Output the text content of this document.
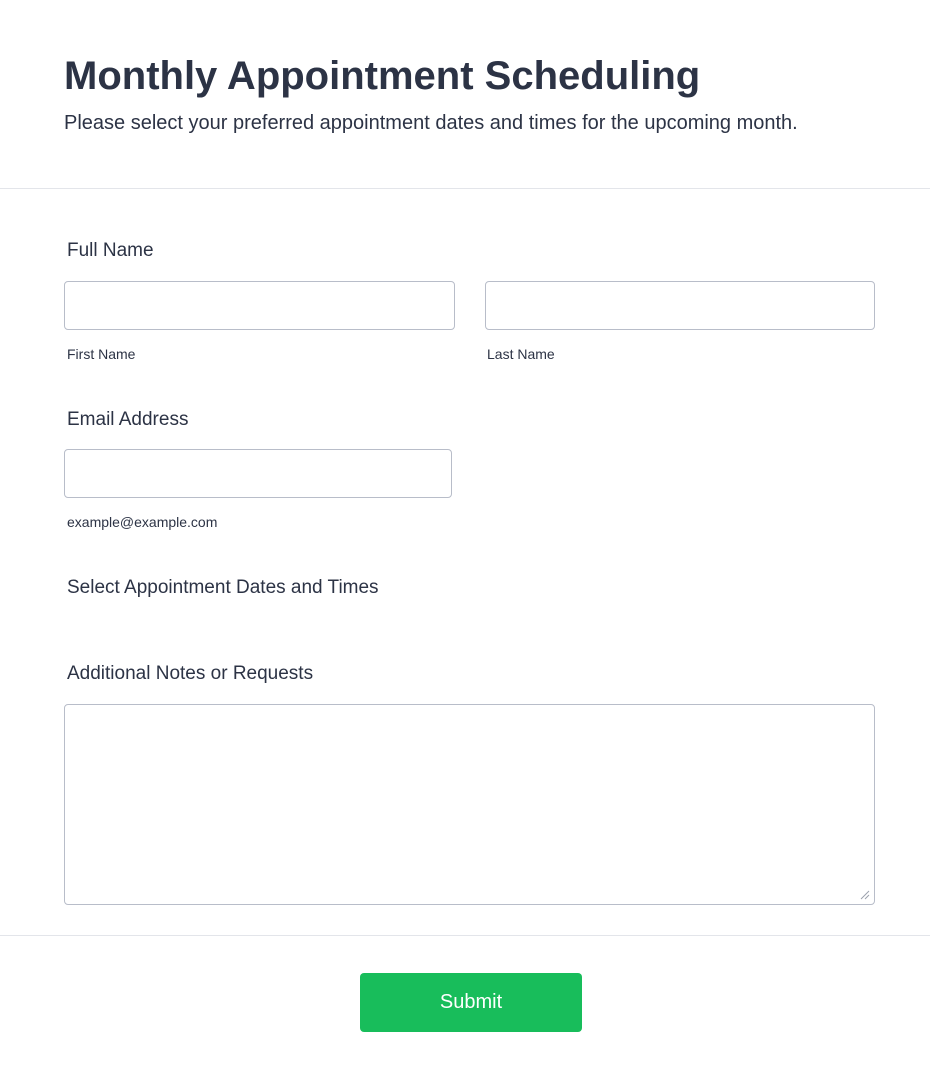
Monthly Appointment Scheduling

Please select your preferred appointment dates and times for the upcoming month.

Full Name
First Name	Last Name
Email Address
example@example.com
Select Appointment Dates and Times
Additional Notes or Requests
Submit
